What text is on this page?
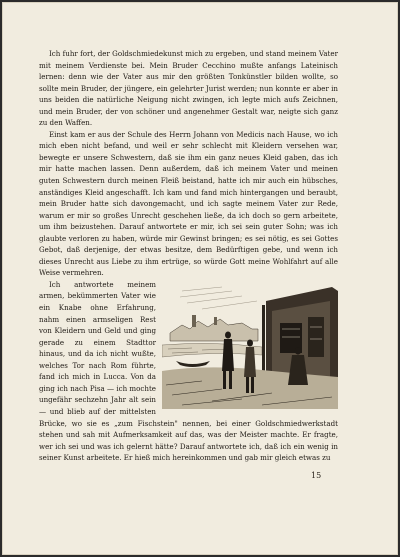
Ich fuhr fort, der Goldschmiedekunst mich zu ergeben, und stand meinem Vater mit meinem Verdienste bei. Mein Bruder Cecchino mußte anfangs Lateinisch lernen: denn wie der Vater aus mir den größten Tonkünstler bilden wollte, so sollte mein Bruder, der jüngere, ein gelehrter Jurist werden; nun konnte er aber in uns beiden die natürliche Neigung nicht zwingen, ich legte mich aufs Zeichnen, und mein Bruder, der von schöner und angenehmer Gestalt war, neigte sich ganz zu den Waffen.

Einst kam er aus der Schule des Herrn Johann von Medicis nach Hause, wo ich mich eben nicht befand, und weil er sehr schlecht mit Kleidern versehen war, bewegte er unsere Schwestern, daß sie ihm ein ganz neues Kleid gaben, das ich mir hatte machen lassen. Denn außerdem, daß ich meinem Vater und meinen guten Schwestern durch meinen Fleiß beistand, hatte ich mir auch ein hübsches, anständiges Kleid angeschafft. Ich kam und fand mich hintergangen und beraubt, mein Bruder hatte sich davongemacht, und ich sagte meinem Vater zur Rede, warum er mir so großes Unrecht geschehen ließe, da ich doch so gern arbeitete, um ihm beizustehen. Darauf antwortete er mir, ich sei sein guter Sohn; was ich glaubte verloren zu haben, würde mir Gewinst bringen; es sei nötig, es sei Gottes Gebot, daß derjenige, der etwas besitze, dem Bedürftigen gebe, und wenn ich dieses Unrecht aus Liebe zu ihm ertrüge, so würde Gott meine Wohlfahrt auf alle Weise vermehren.

Ich antwortete meinem armen, bekümmerten Vater wie ein Knabe ohne Erfahrung, nahm einen armseligen Rest von Kleidern und Geld und ging gerade zu einem Stadttor hinaus, und da ich nicht wußte, welches Tor nach Rom führte, fand ich mich in Lucca. Von da ging ich nach Pisa — ich mochte ungefähr sechzehn Jahr alt sein — und blieb auf der mittelsten Brücke, wo sie es „zum Fischstein" nennen, bei einer Goldschmiedwerkstadt stehen und sah mit Aufmerksamkeit auf das, was der Meister machte. Er fragte, wer ich sei und was ich gelernt hätte? Darauf antwortete ich, daß ich ein wenig in seiner Kunst arbeitete. Er hieß mich hereinkommen und gab mir gleich etwas zu

15
